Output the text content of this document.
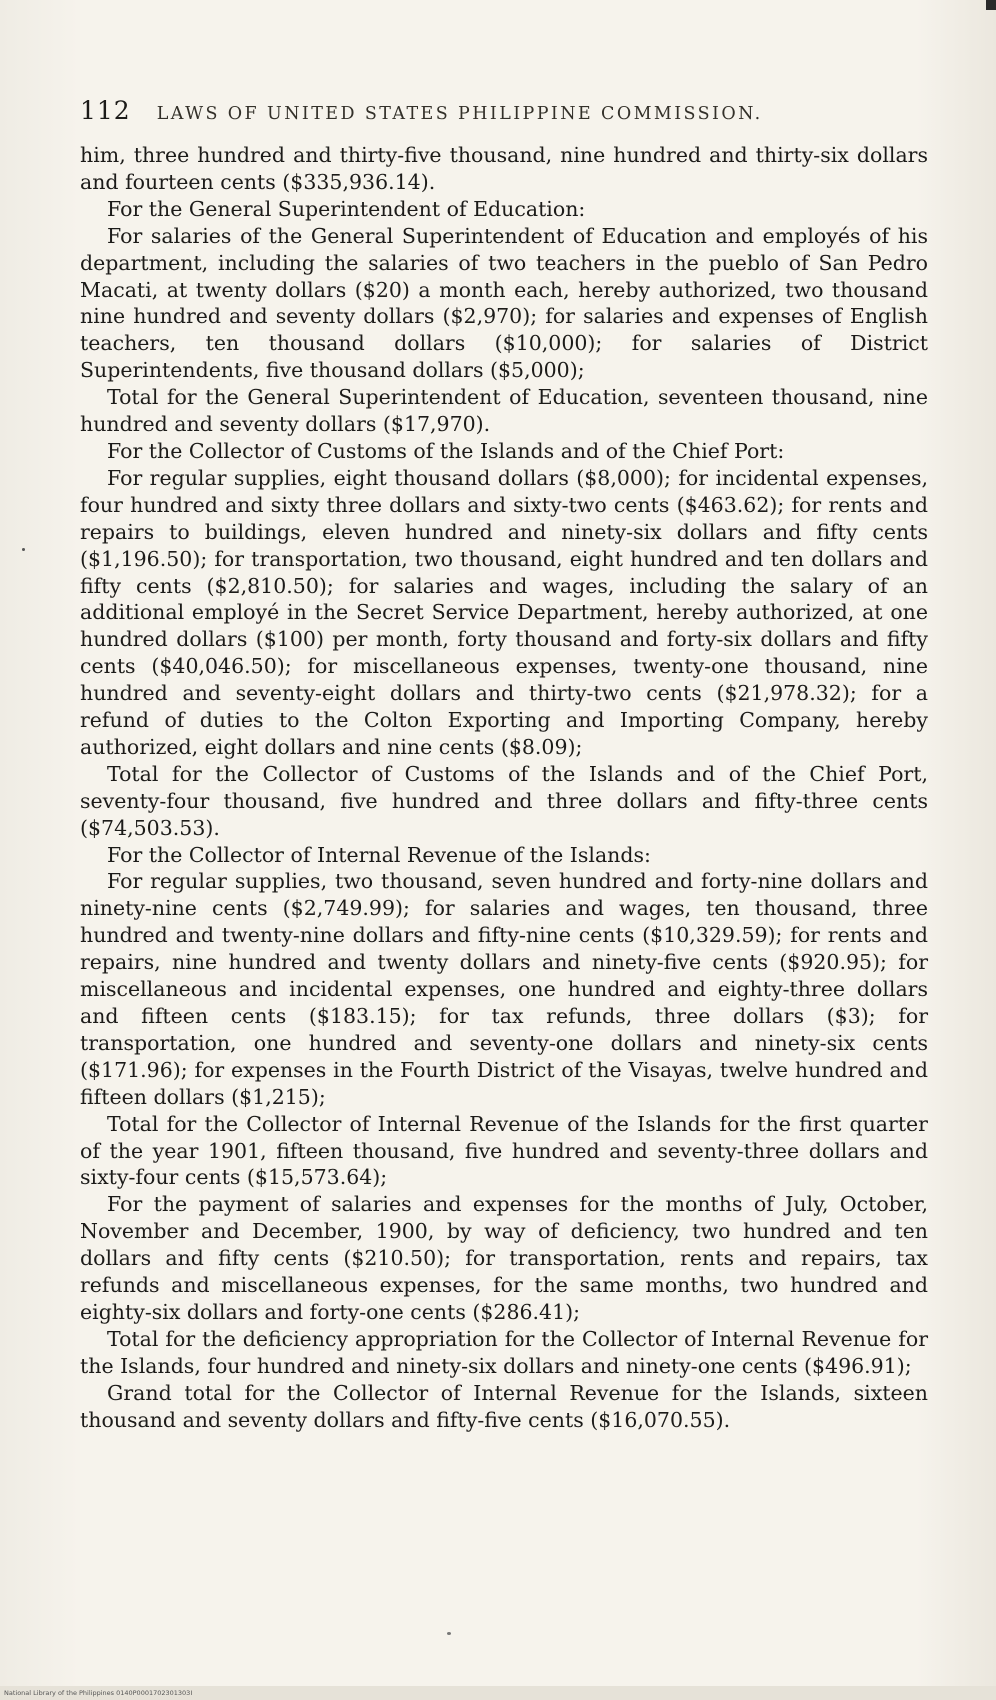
112 LAWS OF UNITED STATES PHILIPPINE COMMISSION.

him, three hundred and thirty-five thousand, nine hundred and thirty-six dollars and fourteen cents ($335,936.14).

For the General Superintendent of Education:

For salaries of the General Superintendent of Education and employés of his department, including the salaries of two teachers in the pueblo of San Pedro Macati, at twenty dollars ($20) a month each, hereby authorized, two thousand nine hundred and seventy dollars ($2,970); for salaries and expenses of English teachers, ten thousand dollars ($10,000); for salaries of District Superintendents, five thousand dollars ($5,000);

Total for the General Superintendent of Education, seventeen thousand, nine hundred and seventy dollars ($17,970).

For the Collector of Customs of the Islands and of the Chief Port:

For regular supplies, eight thousand dollars ($8,000); for incidental expenses, four hundred and sixty three dollars and sixty-two cents ($463.62); for rents and repairs to buildings, eleven hundred and ninety-six dollars and fifty cents ($1,196.50); for transportation, two thousand, eight hundred and ten dollars and fifty cents ($2,810.50); for salaries and wages, including the salary of an additional employé in the Secret Service Department, hereby authorized, at one hundred dollars ($100) per month, forty thousand and forty-six dollars and fifty cents ($40,046.50); for miscellaneous expenses, twenty-one thousand, nine hundred and seventy-eight dollars and thirty-two cents ($21,978.32); for a refund of duties to the Colton Exporting and Importing Company, hereby authorized, eight dollars and nine cents ($8.09);

Total for the Collector of Customs of the Islands and of the Chief Port, seventy-four thousand, five hundred and three dollars and fifty-three cents ($74,503.53).

For the Collector of Internal Revenue of the Islands:

For regular supplies, two thousand, seven hundred and forty-nine dollars and ninety-nine cents ($2,749.99); for salaries and wages, ten thousand, three hundred and twenty-nine dollars and fifty-nine cents ($10,329.59); for rents and repairs, nine hundred and twenty dollars and ninety-five cents ($920.95); for miscellaneous and incidental expenses, one hundred and eighty-three dollars and fifteen cents ($183.15); for tax refunds, three dollars ($3); for transportation, one hundred and seventy-one dollars and ninety-six cents ($171.96); for expenses in the Fourth District of the Visayas, twelve hundred and fifteen dollars ($1,215);

Total for the Collector of Internal Revenue of the Islands for the first quarter of the year 1901, fifteen thousand, five hundred and seventy-three dollars and sixty-four cents ($15,573.64);

For the payment of salaries and expenses for the months of July, October, November and December, 1900, by way of deficiency, two hundred and ten dollars and fifty cents ($210.50); for transportation, rents and repairs, tax refunds and miscellaneous expenses, for the same months, two hundred and eighty-six dollars and forty-one cents ($286.41);

Total for the deficiency appropriation for the Collector of Internal Revenue for the Islands, four hundred and ninety-six dollars and ninety-one cents ($496.91);

Grand total for the Collector of Internal Revenue for the Islands, sixteen thousand and seventy dollars and fifty-five cents ($16,070.55).

National Library of the Philippines 0140P0001702301303I
